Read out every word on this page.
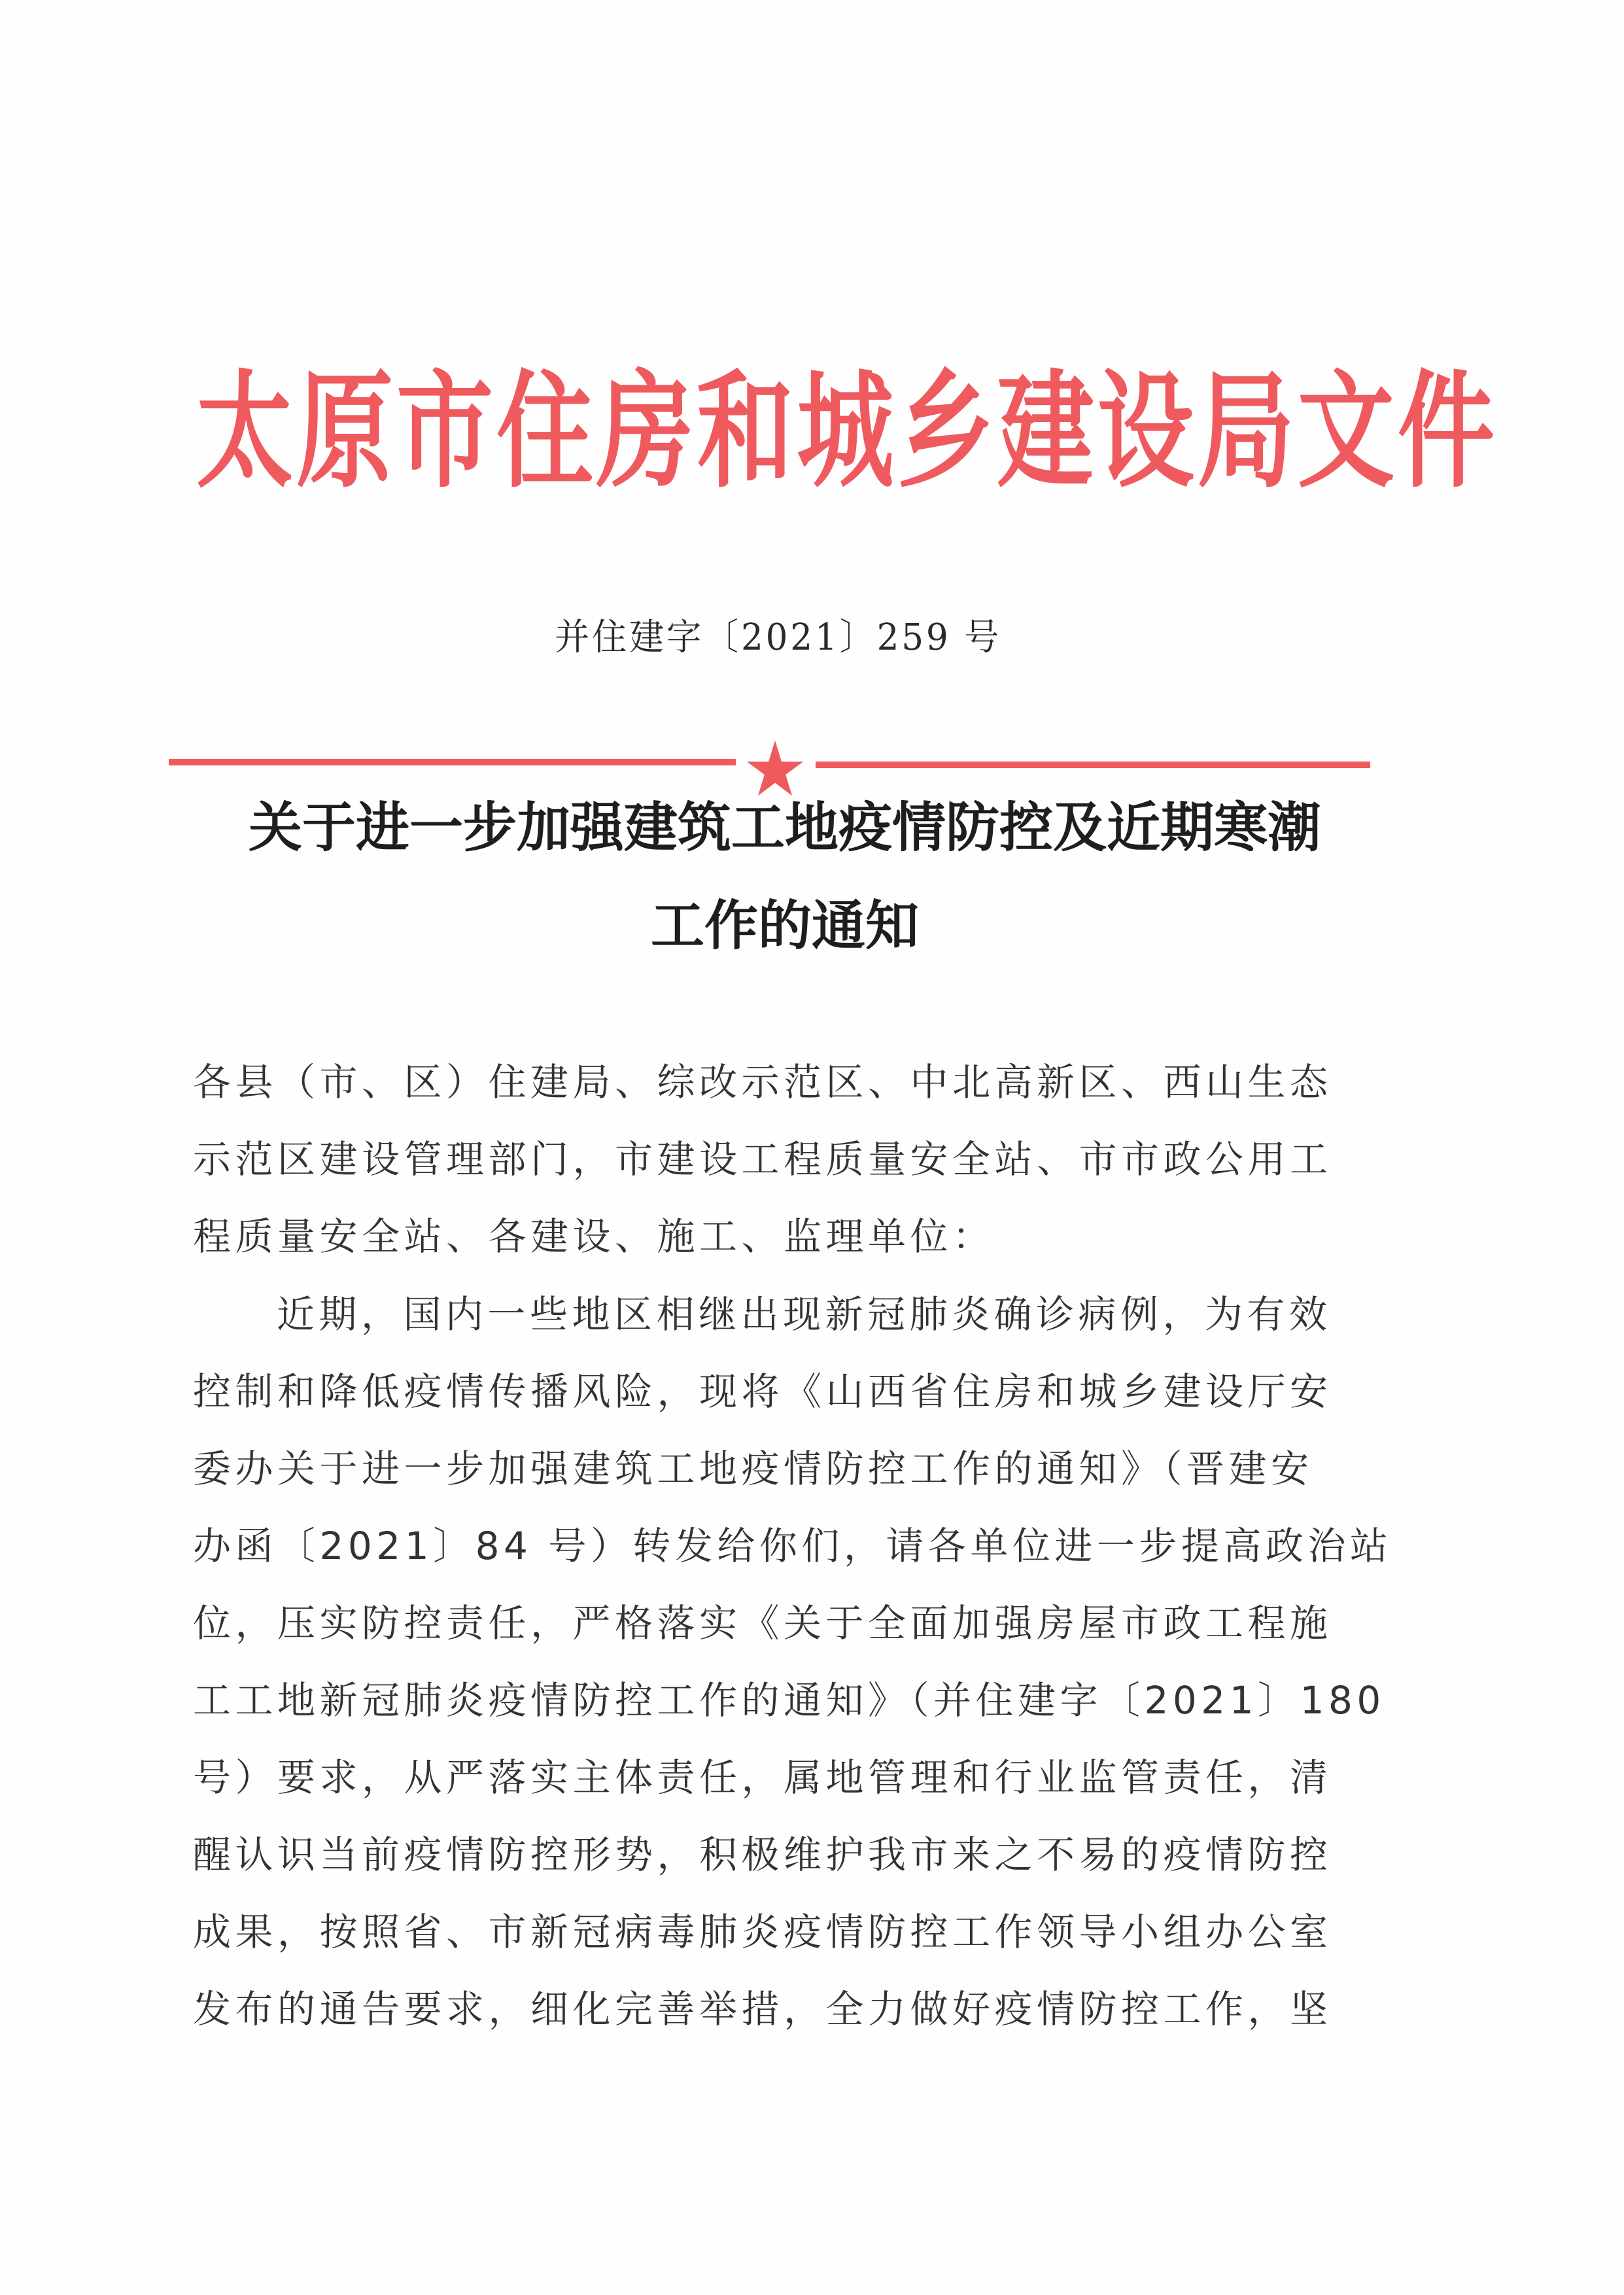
太原市住房和城乡建设局文件
并住建字〔2021〕259 号
关于进一步加强建筑工地疫情防控及近期寒潮
工作的通知
各县（市、区）住建局、综改示范区、中北高新区、西山生态
示范区建设管理部门，市建设工程质量安全站、市市政公用工
程质量安全站、各建设、施工、监理单位：
近期，国内一些地区相继出现新冠肺炎确诊病例，为有效
控制和降低疫情传播风险，现将《山西省住房和城乡建设厅安
委办关于进一步加强建筑工地疫情防控工作的通知》（晋建安
办函〔2021〕84 号）转发给你们，请各单位进一步提高政治站
位，压实防控责任，严格落实《关于全面加强房屋市政工程施
工工地新冠肺炎疫情防控工作的通知》（并住建字〔2021〕180
号）要求，从严落实主体责任，属地管理和行业监管责任，清
醒认识当前疫情防控形势，积极维护我市来之不易的疫情防控
成果，按照省、市新冠病毒肺炎疫情防控工作领导小组办公室
发布的通告要求，细化完善举措，全力做好疫情防控工作，坚
